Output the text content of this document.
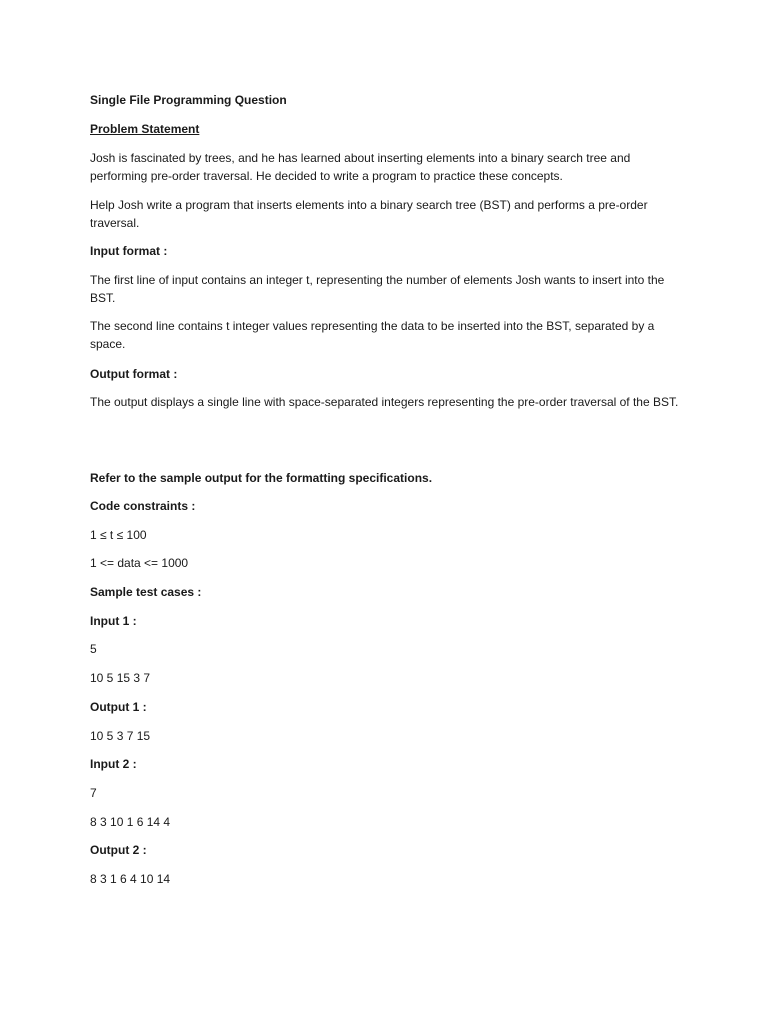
Single File Programming Question

Problem Statement

Josh is fascinated by trees, and he has learned about inserting elements into a binary search tree and performing pre-order traversal. He decided to write a program to practice these concepts.

Help Josh write a program that inserts elements into a binary search tree (BST) and performs a pre-order traversal.

Input format :

The first line of input contains an integer t, representing the number of elements Josh wants to insert into the BST.

The second line contains t integer values representing the data to be inserted into the BST, separated by a space.

Output format :

The output displays a single line with space-separated integers representing the pre-order traversal of the BST.

Refer to the sample output for the formatting specifications.

Code constraints :

1 ≤ t ≤ 100

1 <= data <= 1000

Sample test cases :

Input 1 :

5

10 5 15 3 7

Output 1 :

10 5 3 7 15

Input 2 :

7

8 3 10 1 6 14 4

Output 2 :

8 3 1 6 4 10 14
